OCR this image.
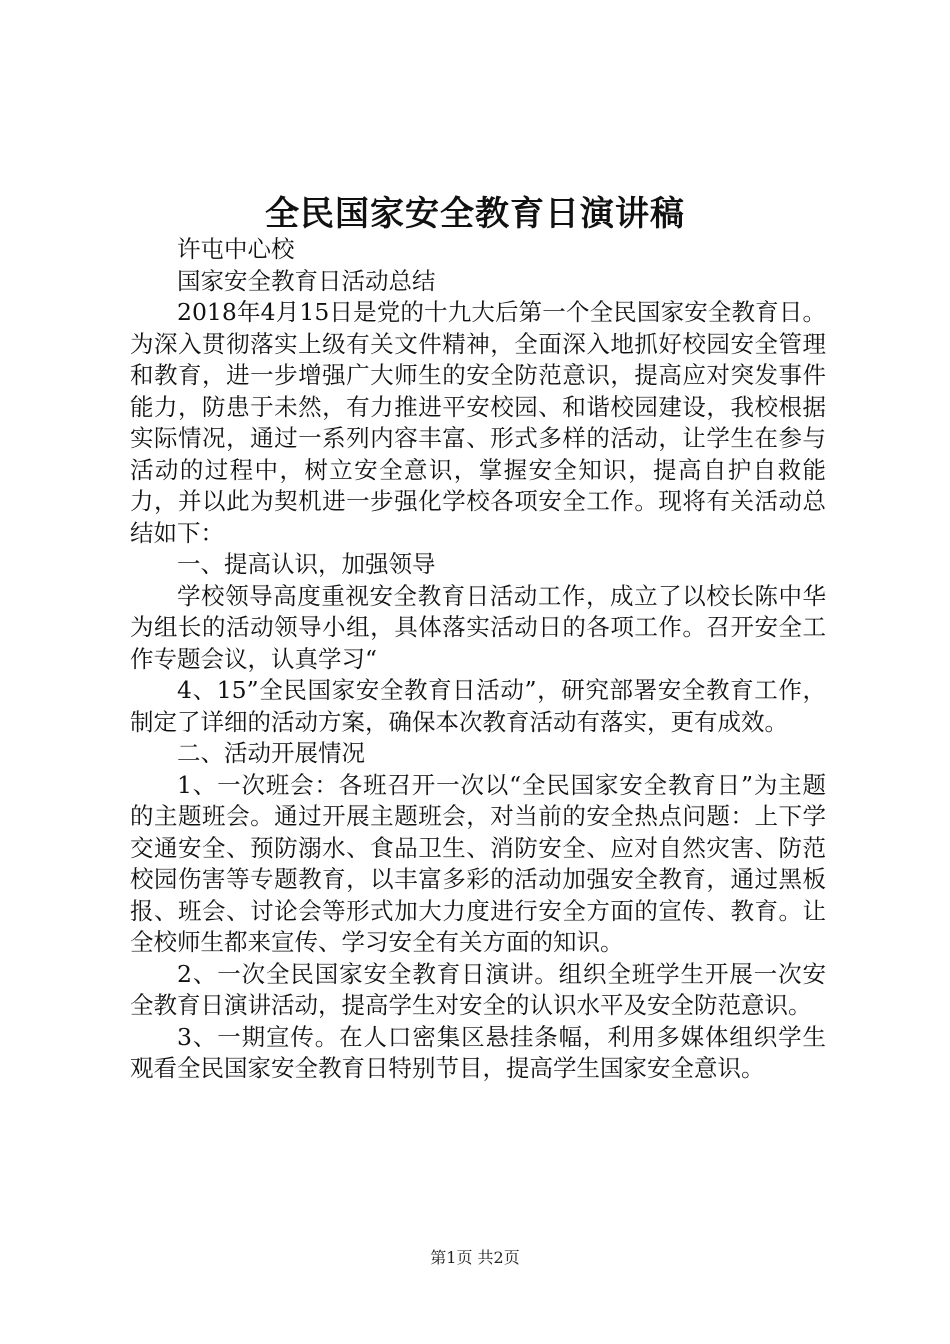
全民国家安全教育日演讲稿

许屯中心校

国家安全教育日活动总结

2018年4月15日是党的十九大后第一个全民国家安全教育日。为深入贯彻落实上级有关文件精神，全面深入地抓好校园安全管理和教育，进一步增强广大师生的安全防范意识，提高应对突发事件能力，防患于未然，有力推进平安校园、和谐校园建设，我校根据实际情况，通过一系列内容丰富、形式多样的活动，让学生在参与活动的过程中，树立安全意识，掌握安全知识，提高自护自救能力，并以此为契机进一步强化学校各项安全工作。现将有关活动总结如下：

一、提高认识，加强领导

学校领导高度重视安全教育日活动工作，成立了以校长陈中华为组长的活动领导小组，具体落实活动日的各项工作。召开安全工作专题会议，认真学习“

4、15”全民国家安全教育日活动”，研究部署安全教育工作，制定了详细的活动方案，确保本次教育活动有落实，更有成效。

二、活动开展情况

1、一次班会：各班召开一次以“全民国家安全教育日”为主题的主题班会。通过开展主题班会，对当前的安全热点问题：上下学交通安全、预防溺水、食品卫生、消防安全、应对自然灾害、防范校园伤害等专题教育，以丰富多彩的活动加强安全教育，通过黑板报、班会、讨论会等形式加大力度进行安全方面的宣传、教育。让全校师生都来宣传、学习安全有关方面的知识。

2、一次全民国家安全教育日演讲。组织全班学生开展一次安全教育日演讲活动，提高学生对安全的认识水平及安全防范意识。

3、一期宣传。在人口密集区悬挂条幅，利用多媒体组织学生观看全民国家安全教育日特别节目，提高学生国家安全意识。

第1页 共2页
